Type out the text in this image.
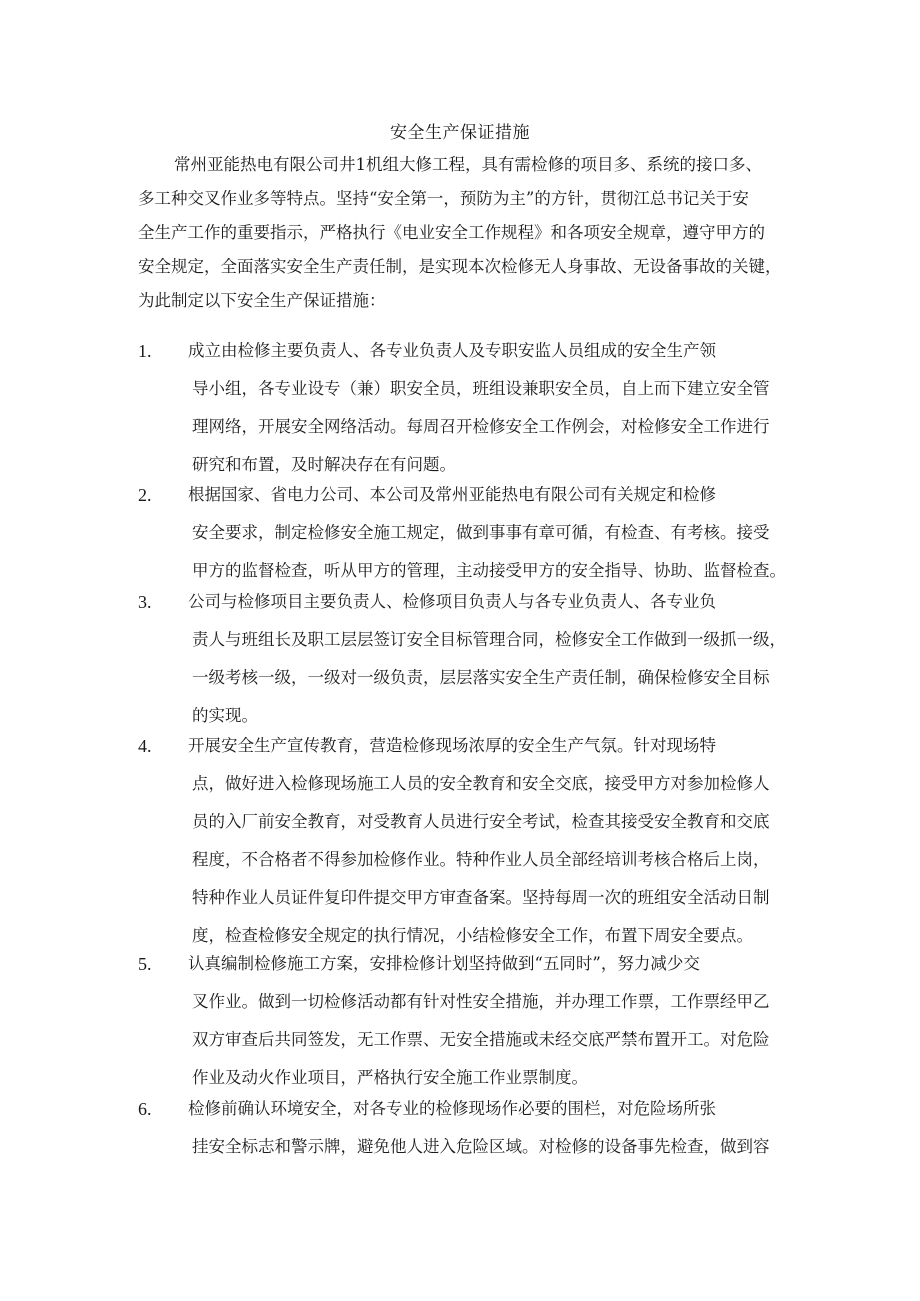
安全生产保证措施
常州亚能热电有限公司井1机组大修工程，具有需检修的项目多、系统的接口多、
多工种交叉作业多等特点。坚持“安全第一，预防为主”的方针，贯彻江总书记关于安
全生产工作的重要指示，严格执行《电业安全工作规程》和各项安全规章，遵守甲方的
安全规定，全面落实安全生产责任制，是实现本次检修无人身事故、无设备事故的关键，
为此制定以下安全生产保证措施：
1.	成立由检修主要负责人、各专业负责人及专职安监人员组成的安全生产领
导小组，各专业设专（兼）职安全员，班组设兼职安全员，自上而下建立安全管
理网络，开展安全网络活动。每周召开检修安全工作例会，对检修安全工作进行
研究和布置，及时解决存在有问题。
2.	根据国家、省电力公司、本公司及常州亚能热电有限公司有关规定和检修
安全要求，制定检修安全施工规定，做到事事有章可循，有检查、有考核。接受
甲方的监督检查，听从甲方的管理，主动接受甲方的安全指导、协助、监督检查。
3.	公司与检修项目主要负责人、检修项目负责人与各专业负责人、各专业负
责人与班组长及职工层层签订安全目标管理合同，检修安全工作做到一级抓一级，
一级考核一级，一级对一级负责，层层落实安全生产责任制，确保检修安全目标
的实现。
4.	开展安全生产宣传教育，营造检修现场浓厚的安全生产气氛。针对现场特
点，做好进入检修现场施工人员的安全教育和安全交底，接受甲方对参加检修人
员的入厂前安全教育，对受教育人员进行安全考试，检查其接受安全教育和交底
程度，不合格者不得参加检修作业。特种作业人员全部经培训考核合格后上岗，
特种作业人员证件复印件提交甲方审查备案。坚持每周一次的班组安全活动日制
度，检查检修安全规定的执行情况，小结检修安全工作，布置下周安全要点。
5.	认真编制检修施工方案，安排检修计划坚持做到“五同时”，努力减少交
叉作业。做到一切检修活动都有针对性安全措施，并办理工作票，工作票经甲乙
双方审查后共同签发，无工作票、无安全措施或未经交底严禁布置开工。对危险
作业及动火作业项目，严格执行安全施工作业票制度。
6.	检修前确认环境安全，对各专业的检修现场作必要的围栏，对危险场所张
挂安全标志和警示牌，避免他人进入危险区域。对检修的设备事先检查，做到容
